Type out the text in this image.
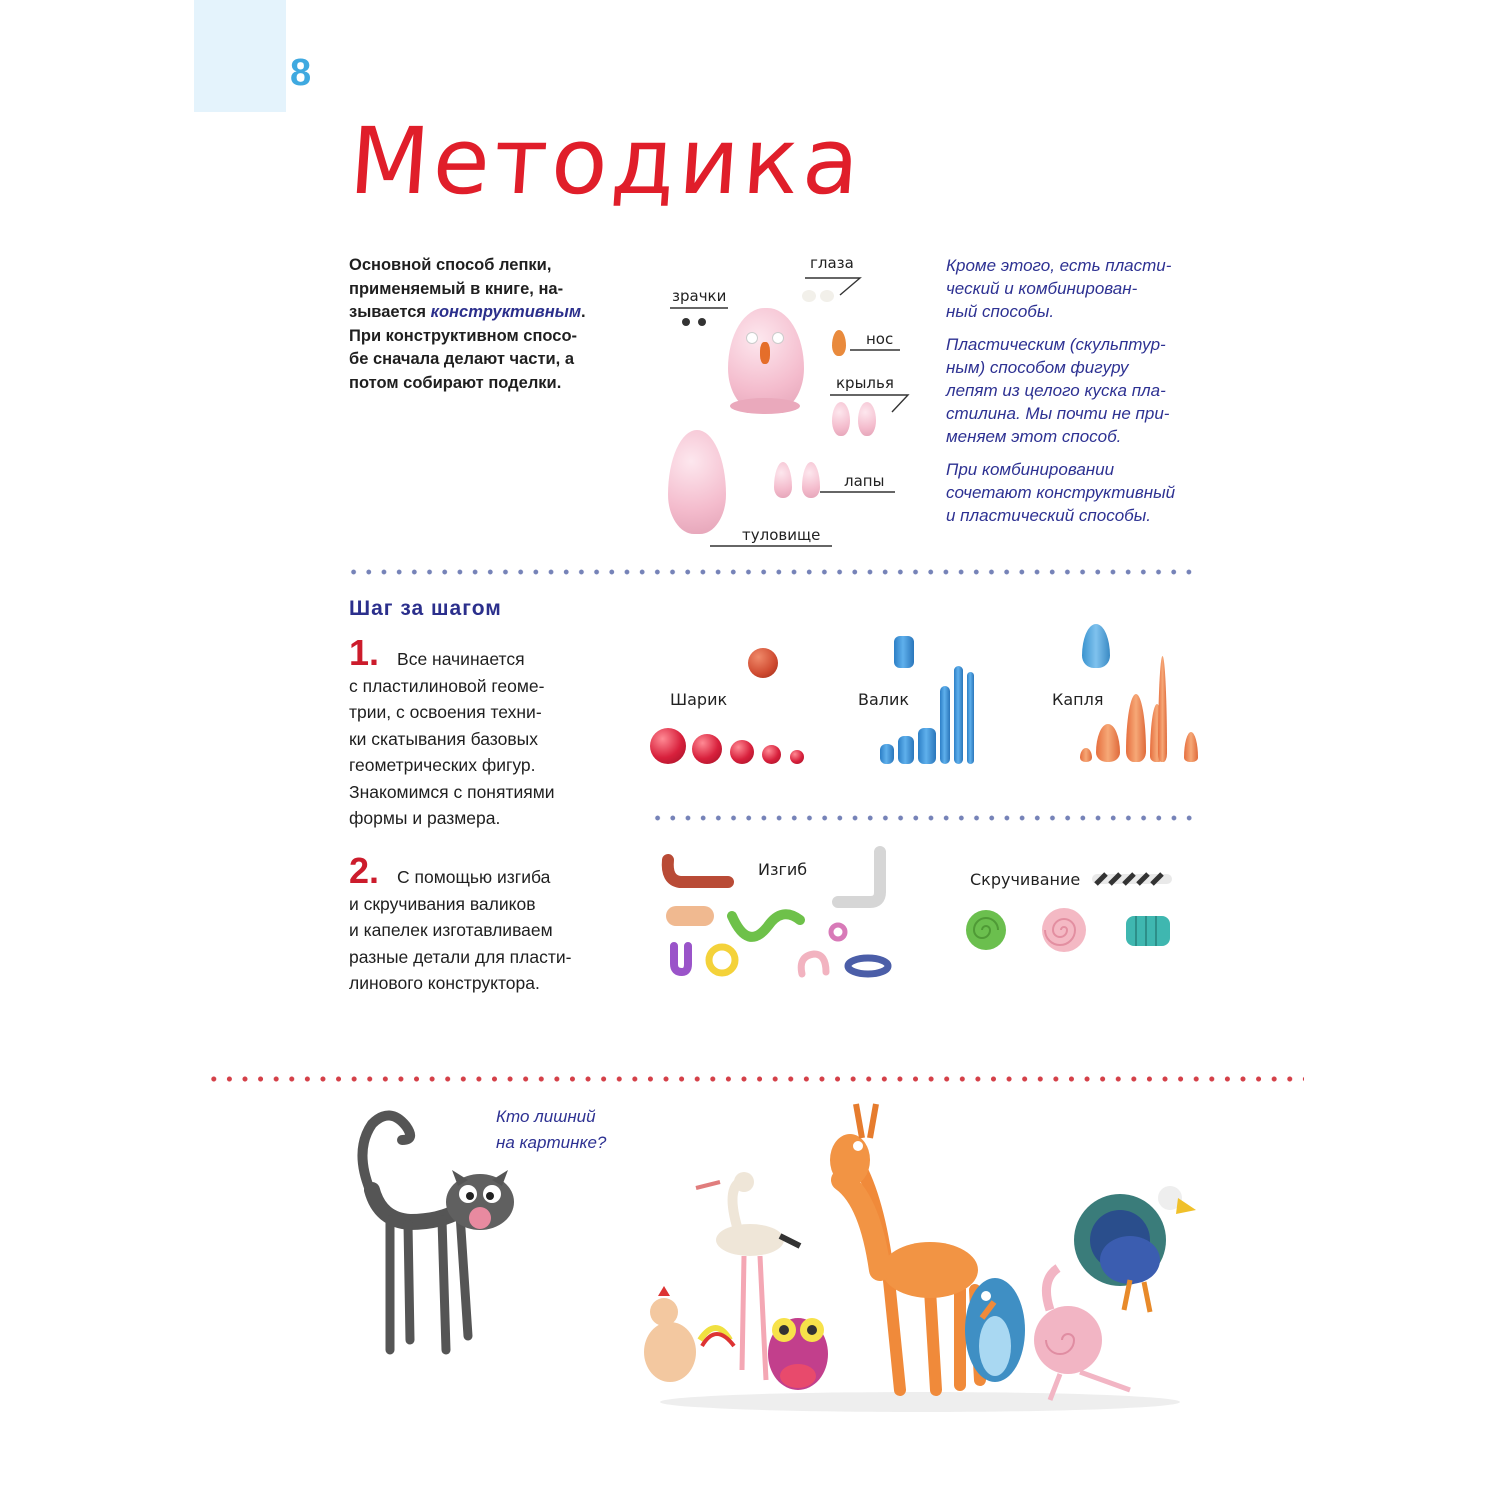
8
Методика
Основной способ лепки,
применяемый в книге, на-
зывается конструктивным.
При конструктивном спосо-
бе сначала делают части, а
потом собирают поделки.
глаза
зрачки
нос
крылья
лапы
туловище

Кроме этого, есть пласти-
ческий и комбинирован-
ный способы.

Пластическим (скульптур-
ным) способом фигуру
лепят из целого куска пла-
стилина. Мы почти не при-
меняем этот способ.

При комбинировании
сочетают конструктивный
и пластический способы.

Шаг за шагом
1. Все начинается
с пластилиновой геоме-
трии, с освоения техни-
ки скатывания базовых
геометрических фигур.
Знакомимся с понятиями
формы и размера.
2. С помощью изгиба
и скручивания валиков
и капелек изготавливаем
разные детали для пласти-
линового конструктора.
Шарик	Валик	Капля
Изгиб
Скручивание
Кто лишний
на картинке?
